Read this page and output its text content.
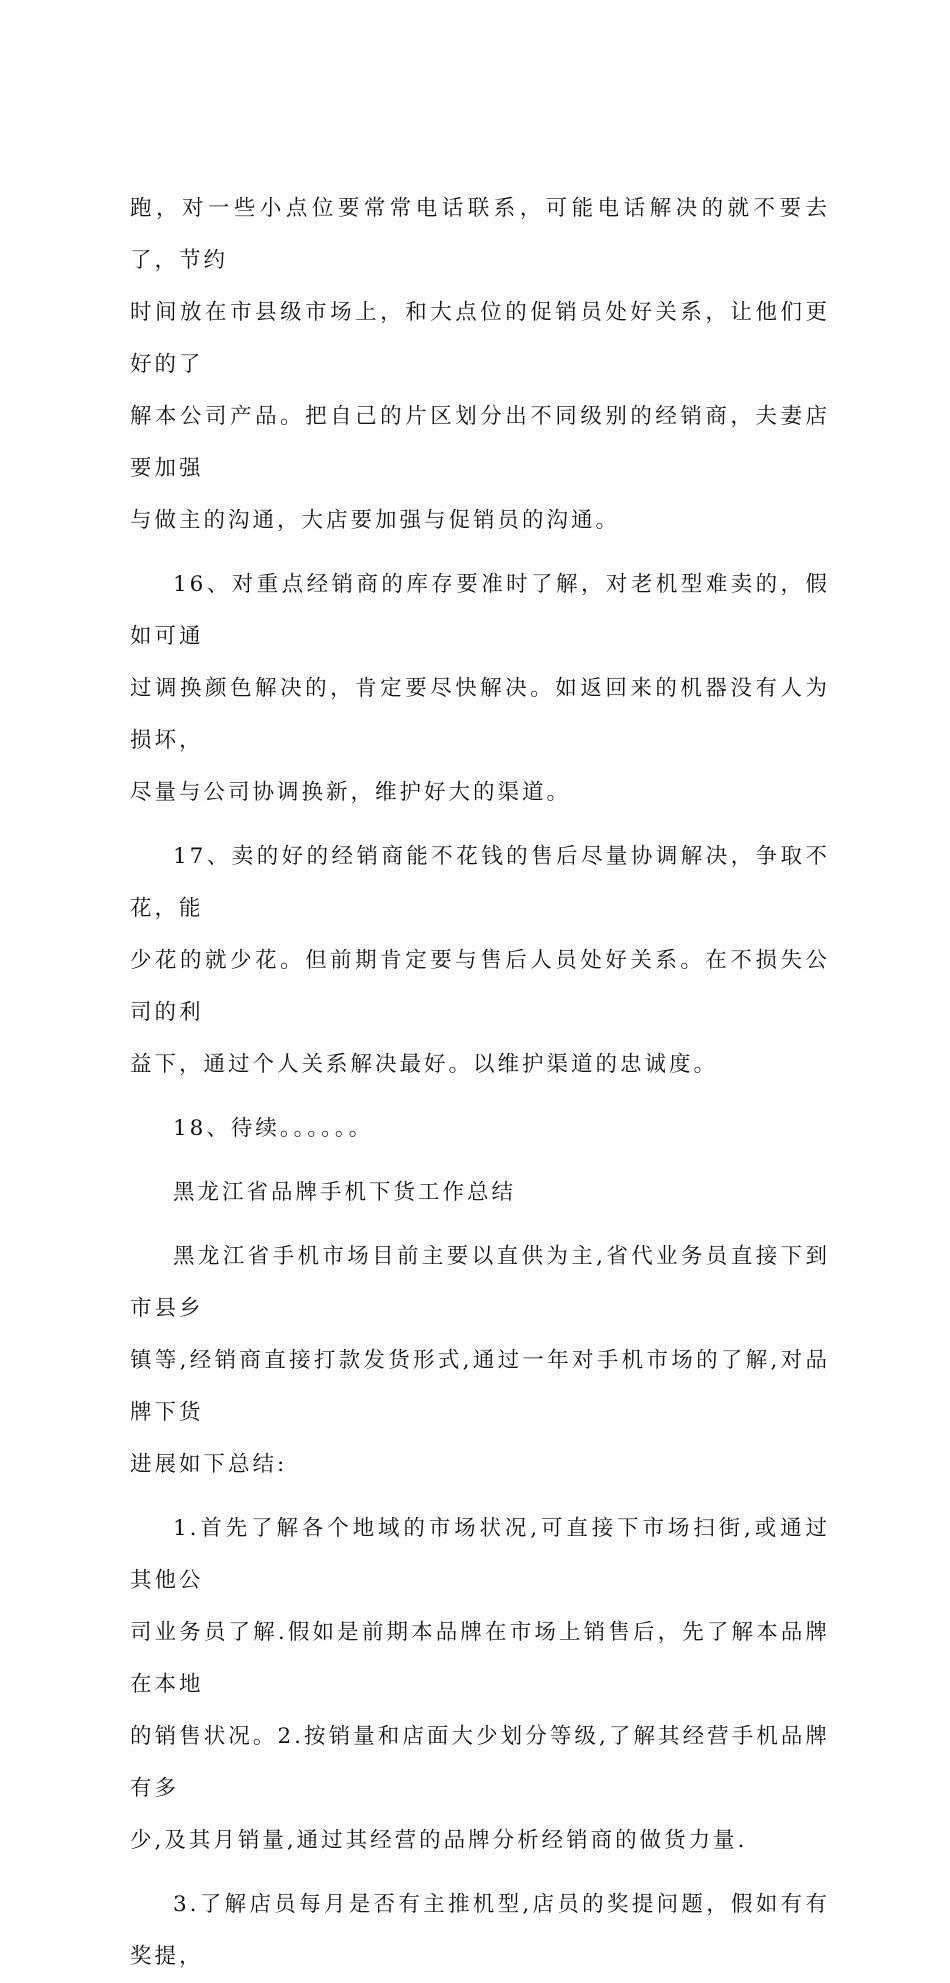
跑，对一些小点位要常常电话联系，可能电话解决的就不要去了，节约
时间放在市县级市场上，和大点位的促销员处好关系，让他们更好的了
解本公司产品。把自己的片区划分出不同级别的经销商，夫妻店要加强
与做主的沟通，大店要加强与促销员的沟通。

16、对重点经销商的库存要准时了解，对老机型难卖的，假如可通
过调换颜色解决的，肯定要尽快解决。如返回来的机器没有人为损坏，
尽量与公司协调换新，维护好大的渠道。

17、卖的好的经销商能不花钱的售后尽量协调解决，争取不花，能
少花的就少花。但前期肯定要与售后人员处好关系。在不损失公司的利
益下，通过个人关系解决最好。以维护渠道的忠诚度。

18、待续。。。。。。

黑龙江省品牌手机下货工作总结

黑龙江省手机市场目前主要以直供为主,省代业务员直接下到市县乡
镇等,经销商直接打款发货形式,通过一年对手机市场的了解,对品牌下货
进展如下总结:

1.首先了解各个地域的市场状况,可直接下市场扫街,或通过其他公
司业务员了解.假如是前期本品牌在市场上销售后，先了解本品牌在本地
的销售状况。2.按销量和店面大少划分等级,了解其经营手机品牌有多
少,及其月销量,通过其经营的品牌分析经销商的做货力量.

3.了解店员每月是否有主推机型,店员的奖提问题，假如有有奖提，
